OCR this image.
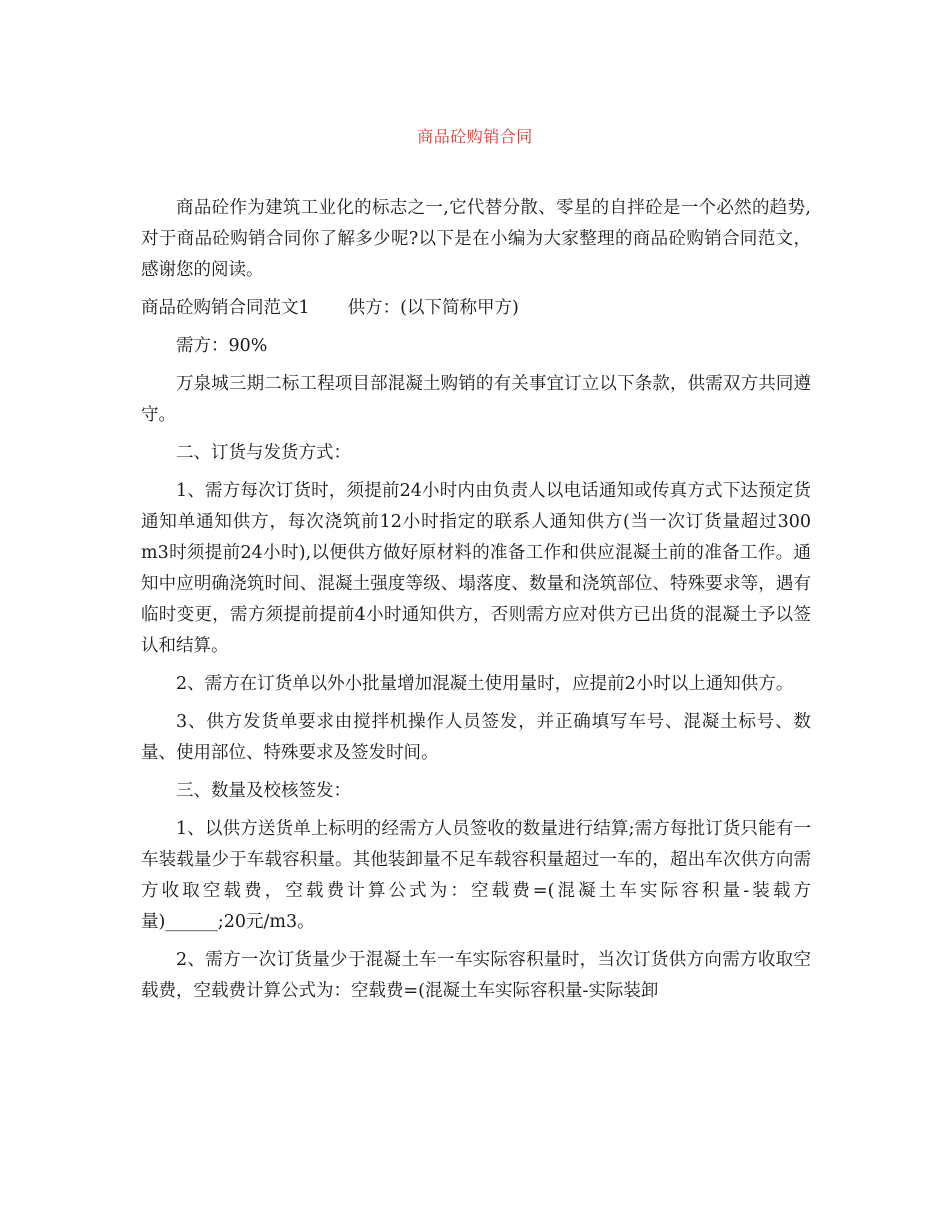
商品砼购销合同

商品砼作为建筑工业化的标志之一,它代替分散、零星的自拌砼是一个必然的趋势,对于商品砼购销合同你了解多少呢?以下是在小编为大家整理的商品砼购销合同范文，感谢您的阅读。

商品砼购销合同范文1 供方：(以下简称甲方)

需方：90%

万泉城三期二标工程项目部混凝土购销的有关事宜订立以下条款，供需双方共同遵守。

二、订货与发货方式：

1、需方每次订货时，须提前24小时内由负责人以电话通知或传真方式下达预定货通知单通知供方，每次浇筑前12小时指定的联系人通知供方(当一次订货量超过300 m3时须提前24小时),以便供方做好原材料的准备工作和供应混凝土前的准备工作。通知中应明确浇筑时间、混凝土强度等级、塌落度、数量和浇筑部位、特殊要求等，遇有临时变更，需方须提前提前4小时通知供方，否则需方应对供方已出货的混凝土予以签认和结算。

2、需方在订货单以外小批量增加混凝土使用量时，应提前2小时以上通知供方。

3、供方发货单要求由搅拌机操作人员签发，并正确填写车号、混凝土标号、数量、使用部位、特殊要求及签发时间。

三、数量及校核签发：

1、以供方送货单上标明的经需方人员签收的数量进行结算;需方每批订货只能有一车装载量少于车载容积量。其他装卸量不足车载容积量超过一车的，超出车次供方向需方收取空载费，空载费计算公式为：空载费=(混凝土车实际容积量-装载方量)______;20元/m3。

2、需方一次订货量少于混凝土车一车实际容积量时，当次订货供方向需方收取空载费，空载费计算公式为：空载费=(混凝土车实际容积量-实际装卸
